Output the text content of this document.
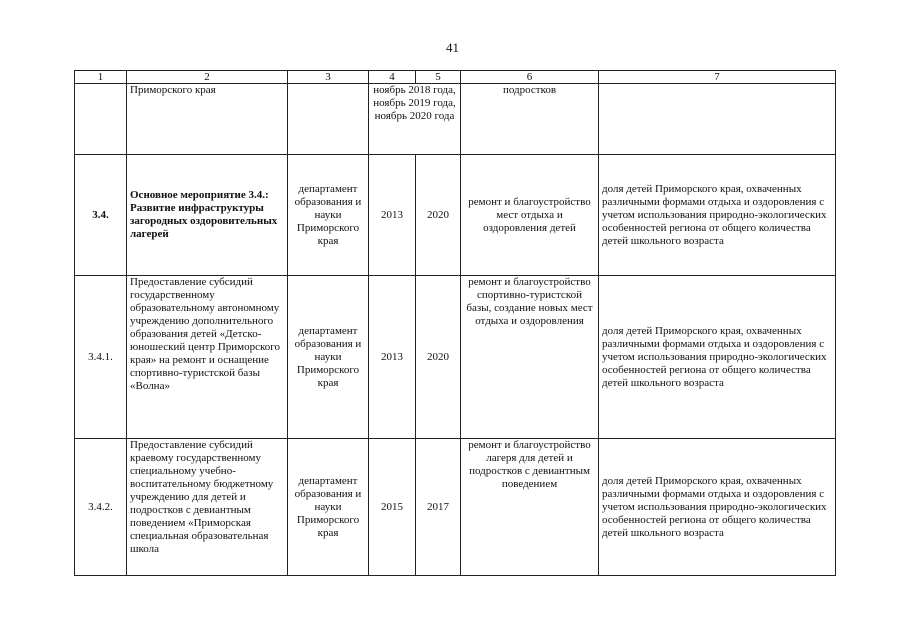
41
1	2	3	4	5	6	7
	Приморского края		ноябрь 2018 года, ноябрь 2019 года, ноябрь 2020 года		подростков	
3.4.	Основное мероприятие 3.4.: Развитие инфраструктуры загородных оздоровительных лагерей	департамент образования и науки Приморского края	2013	2020	ремонт и благоустройство мест отдыха и оздоровления детей	доля детей Приморского края, охваченных различными формами отдыха и оздоровления с учетом использования природно-экологических особенностей региона от общего количества детей школьного возраста
3.4.1.	Предоставление субсидий государственному образовательному автономному учреждению дополнительного образования детей «Детско-юношеский центр Приморского края» на ремонт и оснащение спортивно-туристской базы «Волна»	департамент образования и науки Приморского края	2013	2020	ремонт и благоустройство спортивно-туристской базы, создание новых мест отдыха и оздоровления	доля детей Приморского края, охваченных различными формами отдыха и оздоровления с учетом использования природно-экологических особенностей региона от общего количества детей школьного возраста
3.4.2.	Предоставление субсидий краевому государственному специальному учебно-воспитательному бюджетному учреждению для детей и подростков с девиантным поведением «Приморская специальная образовательная школа	департамент образования и науки Приморского края	2015	2017	ремонт и благоустройство лагеря для детей и подростков с девиантным поведением	доля детей Приморского края, охваченных различными формами отдыха и оздоровления с учетом использования природно-экологических особенностей региона от общего количества детей школьного возраста
